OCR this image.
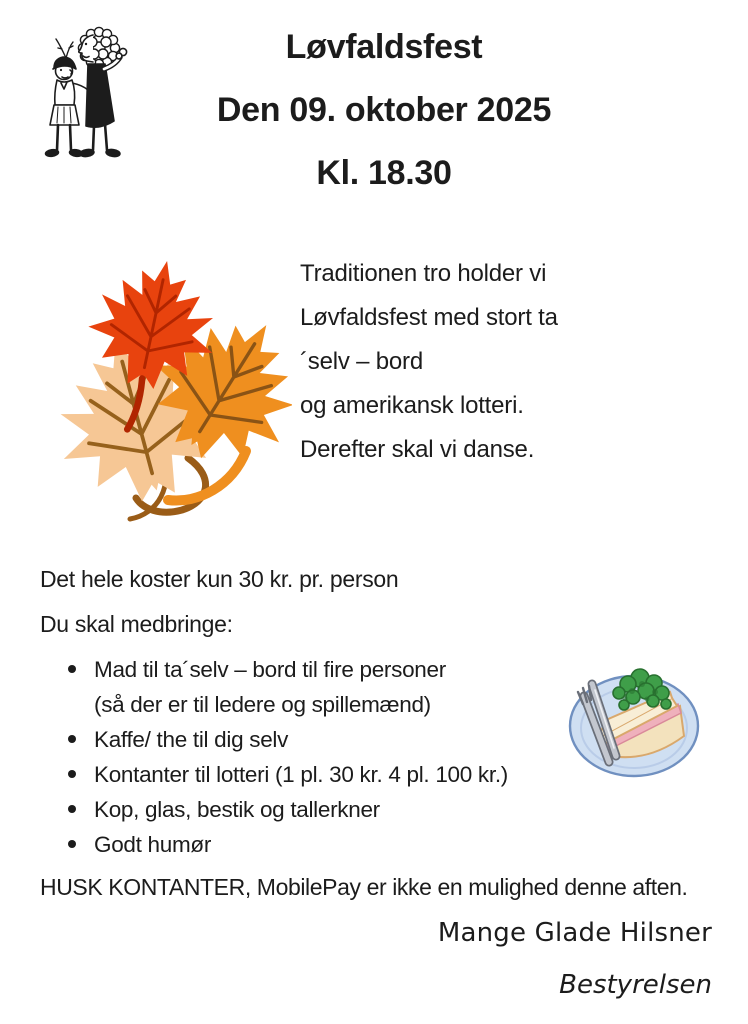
Løvfaldsfest
Den 09. oktober 2025
Kl. 18.30
Traditionen tro holder vi
Løvfaldsfest med stort ta
´selv – bord
og amerikansk lotteri.
Derefter skal vi danse.
Det hele koster kun 30 kr. pr. person
Du skal medbringe:
Mad til ta´selv – bord til fire personer
(så der er til ledere og spillemænd)
Kaffe/ the til dig selv
Kontanter til lotteri (1 pl. 30 kr. 4 pl. 100 kr.)
Kop, glas, bestik og tallerkner
Godt humør
HUSK KONTANTER, MobilePay er ikke en mulighed denne aften.
Mange Glade Hilsner
Bestyrelsen
